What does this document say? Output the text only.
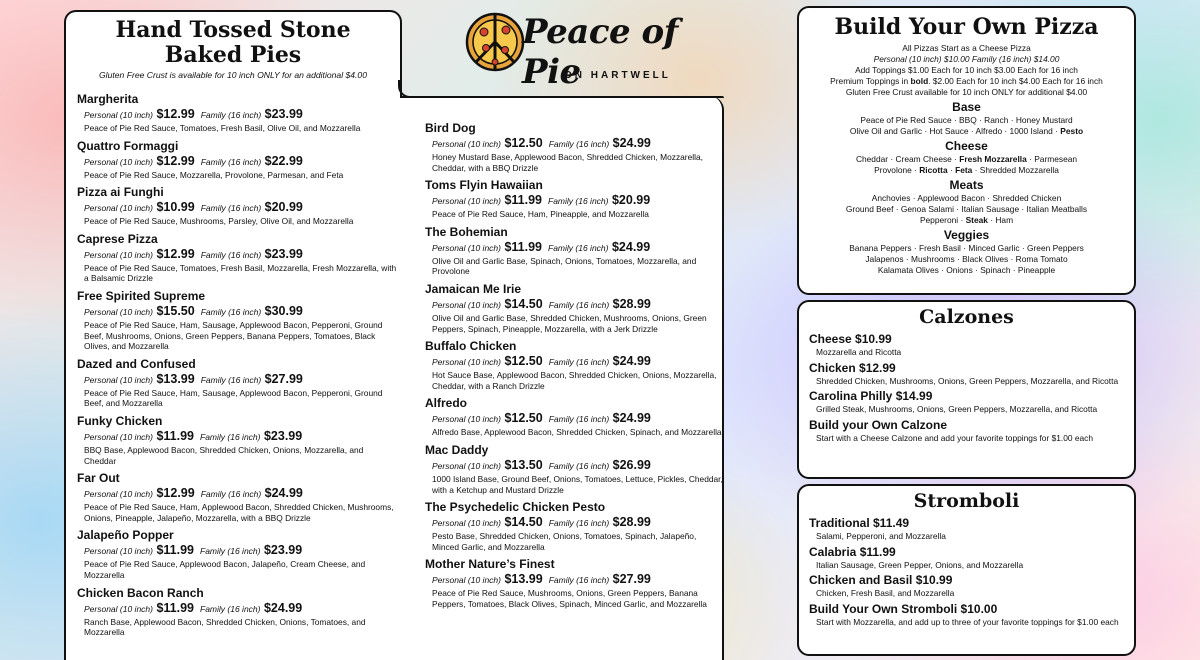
Hand Tossed Stone
Baked Pies
Gluten Free Crust is available for 10 inch ONLY for an additional $4.00
Margherita
Personal (10 inch) $12.99 Family (16 inch) $23.99
Peace of Pie Red Sauce, Tomatoes, Fresh Basil, Olive Oil, and Mozzarella
Quattro Formaggi
Personal (10 inch) $12.99 Family (16 inch) $22.99
Peace of Pie Red Sauce, Mozzarella, Provolone, Parmesan, and Feta
Pizza ai Funghi
Personal (10 inch) $10.99 Family (16 inch) $20.99
Peace of Pie Red Sauce, Mushrooms, Parsley, Olive Oil, and Mozzarella
Caprese Pizza
Personal (10 inch) $12.99 Family (16 inch) $23.99
Peace of Pie Red Sauce, Tomatoes, Fresh Basil, Mozzarella, Fresh Mozzarella, with a Balsamic Drizzle
Free Spirited Supreme
Personal (10 inch) $15.50 Family (16 inch) $30.99
Peace of Pie Red Sauce, Ham, Sausage, Applewood Bacon, Pepperoni, Ground Beef, Mushrooms, Onions, Green Peppers, Banana Peppers, Tomatoes, Black Olives, and Mozzarella
Dazed and Confused
Personal (10 inch) $13.99 Family (16 inch) $27.99
Peace of Pie Red Sauce, Ham, Sausage, Applewood Bacon, Pepperoni, Ground Beef, and Mozzarella
Funky Chicken
Personal (10 inch) $11.99 Family (16 inch) $23.99
BBQ Base, Applewood Bacon, Shredded Chicken, Onions, Mozzarella, and Cheddar
Far Out
Personal (10 inch) $12.99 Family (16 inch) $24.99
Peace of Pie Red Sauce, Ham, Applewood Bacon, Shredded Chicken, Mushrooms, Onions, Pineapple, Jalapeño, Mozzarella, with a BBQ Drizzle
Jalapeño Popper
Personal (10 inch) $11.99 Family (16 inch) $23.99
Peace of Pie Red Sauce, Applewood Bacon, Jalapeño, Cream Cheese, and Mozzarella
Chicken Bacon Ranch
Personal (10 inch) $11.99 Family (16 inch) $24.99
Ranch Base, Applewood Bacon, Shredded Chicken, Onions, Tomatoes, and Mozzarella
Bird Dog
Personal (10 inch) $12.50 Family (16 inch) $24.99
Honey Mustard Base, Applewood Bacon, Shredded Chicken, Mozzarella, Cheddar, with a BBQ Drizzle
Toms Flyin Hawaiian
Personal (10 inch) $11.99 Family (16 inch) $20.99
Peace of Pie Red Sauce, Ham, Pineapple, and Mozzarella
The Bohemian
Personal (10 inch) $11.99 Family (16 inch) $24.99
Olive Oil and Garlic Base, Spinach, Onions, Tomatoes, Mozzarella, and Provolone
Jamaican Me Irie
Personal (10 inch) $14.50 Family (16 inch) $28.99
Olive Oil and Garlic Base, Shredded Chicken, Mushrooms, Onions, Green Peppers, Spinach, Pineapple, Mozzarella, with a Jerk Drizzle
Buffalo Chicken
Personal (10 inch) $12.50 Family (16 inch) $24.99
Hot Sauce Base, Applewood Bacon, Shredded Chicken, Onions, Mozzarella, Cheddar, with a Ranch Drizzle
Alfredo
Personal (10 inch) $12.50 Family (16 inch) $24.99
Alfredo Base, Applewood Bacon, Shredded Chicken, Spinach, and Mozzarella
Mac Daddy
Personal (10 inch) $13.50 Family (16 inch) $26.99
1000 Island Base, Ground Beef, Onions, Tomatoes, Lettuce, Pickles, Cheddar, with a Ketchup and Mustard Drizzle
The Psychedelic Chicken Pesto
Personal (10 inch) $14.50 Family (16 inch) $28.99
Pesto Base, Shredded Chicken, Onions, Tomatoes, Spinach, Jalapeño, Minced Garlic, and Mozzarella
Mother Nature’s Finest
Personal (10 inch) $13.99 Family (16 inch) $27.99
Peace of Pie Red Sauce, Mushrooms, Onions, Green Peppers, Banana Peppers, Tomatoes, Black Olives, Spinach, Minced Garlic, and Mozzarella
Peace of Pie
ON HARTWELL
Build Your Own Pizza
All Pizzas Start as a Cheese Pizza
Personal (10 inch) $10.00 Family (16 inch) $14.00
Add Toppings $1.00 Each for 10 inch $3.00 Each for 16 inch
Premium Toppings in bold. $2.00 Each for 10 inch $4.00 Each for 16 inch
Gluten Free Crust available for 10 inch ONLY for additional $4.00
Base
Peace of Pie Red Sauce · BBQ · Ranch · Honey Mustard
Olive Oil and Garlic · Hot Sauce · Alfredo · 1000 Island · Pesto
Cheese
Cheddar · Cream Cheese · Fresh Mozzarella · Parmesean
Provolone · Ricotta · Feta · Shredded Mozzarella
Meats
Anchovies · Applewood Bacon · Shredded Chicken
Ground Beef · Genoa Salami · Italian Sausage · Italian Meatballs
Pepperoni · Steak · Ham
Veggies
Banana Peppers · Fresh Basil · Minced Garlic · Green Peppers
Jalapenos · Mushrooms · Black Olives · Roma Tomato
Kalamata Olives · Onions · Spinach · Pineapple
Calzones
Cheese $10.99
Mozzarella and Ricotta
Chicken $12.99
Shredded Chicken, Mushrooms, Onions, Green Peppers, Mozzarella, and Ricotta
Carolina Philly $14.99
Grilled Steak, Mushrooms, Onions, Green Peppers, Mozzarella, and Ricotta
Build your Own Calzone
Start with a Cheese Calzone and add your favorite toppings for $1.00 each
Stromboli
Traditional $11.49
Salami, Pepperoni, and Mozzarella
Calabria $11.99
Italian Sausage, Green Pepper, Onions, and Mozzarella
Chicken and Basil $10.99
Chicken, Fresh Basil, and Mozzarella
Build Your Own Stromboli $10.00
Start with Mozzarella, and add up to three of your favorite toppings for $1.00 each
